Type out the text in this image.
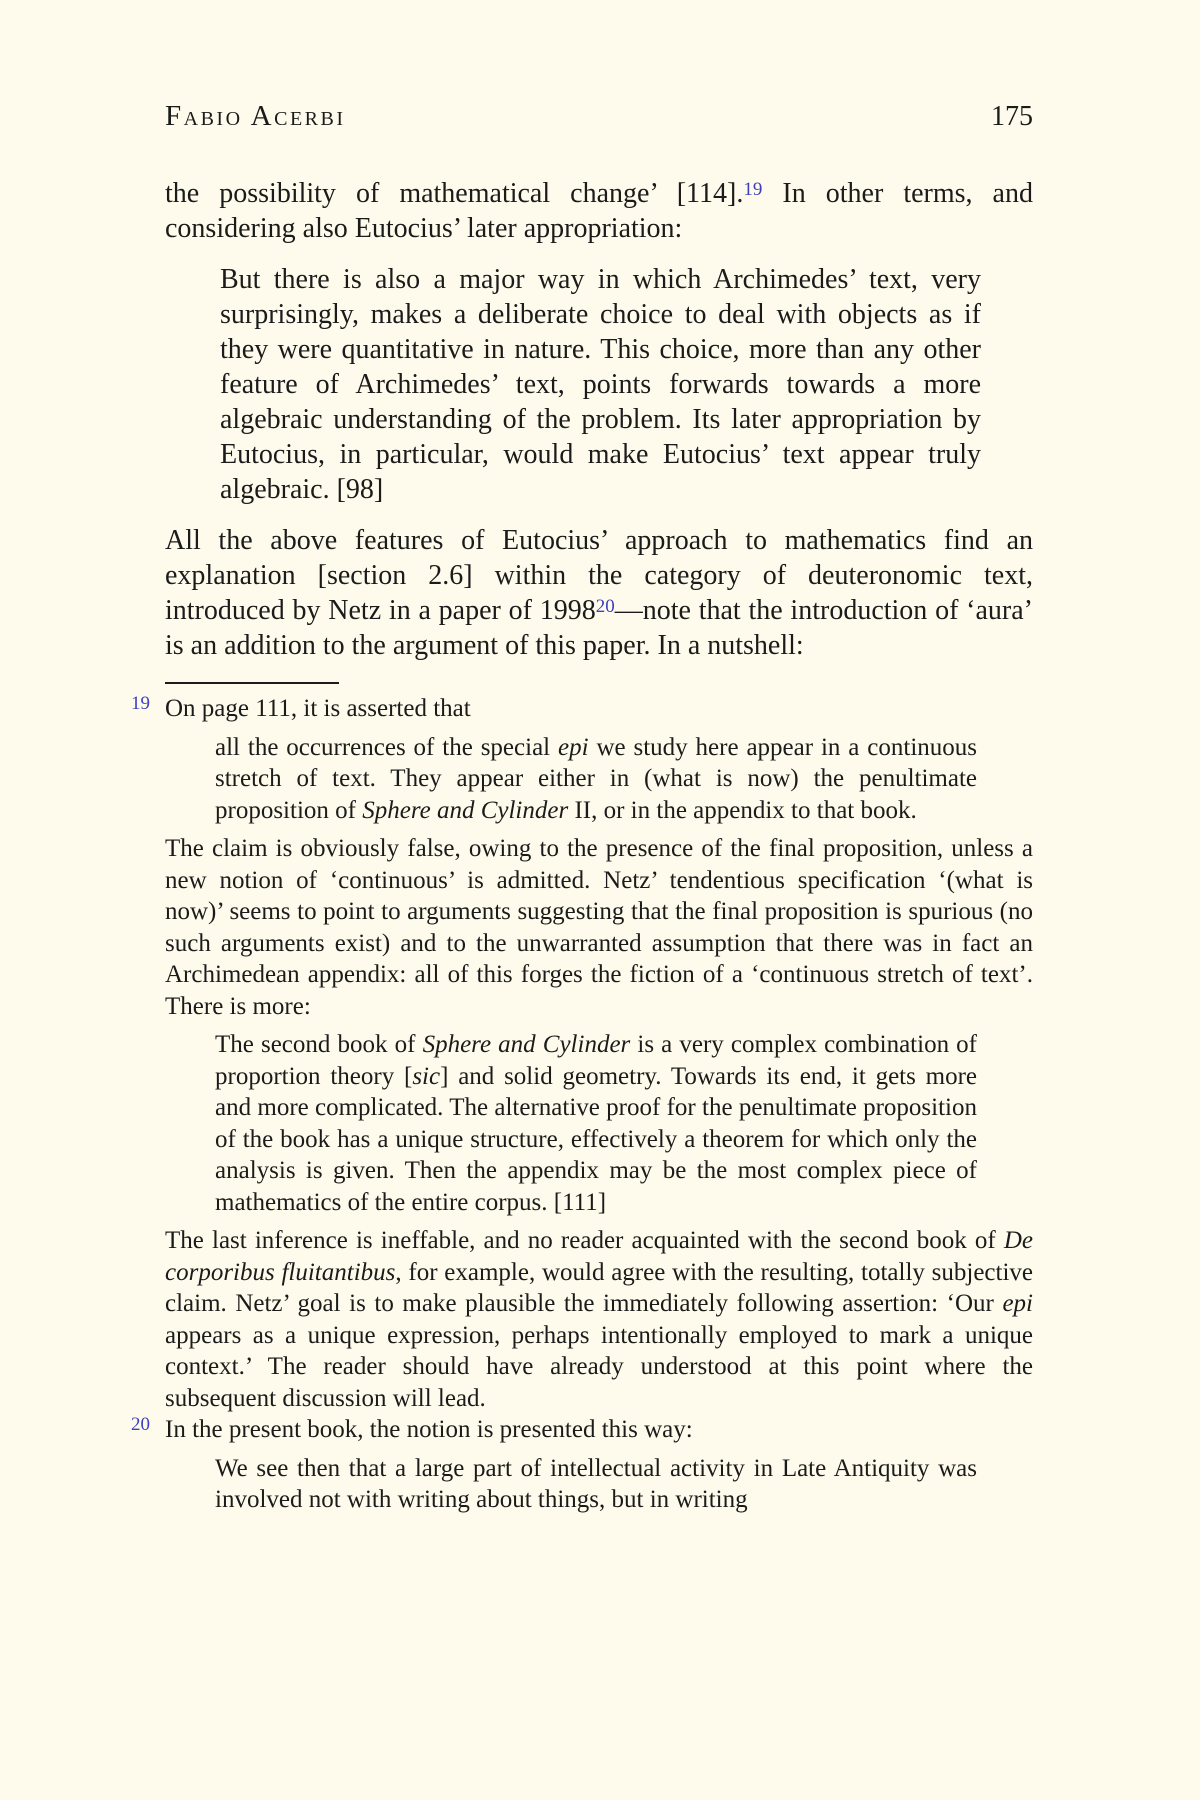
Fabio Acerbi	175
the possibility of mathematical change’ [114].$^{19}$ In other terms, and considering also Eutocius’ later appropriation:
But there is also a major way in which Archimedes’ text, very surprisingly, makes a deliberate choice to deal with objects as if they were quantitative in nature. This choice, more than any other feature of Archimedes’ text, points forwards towards a more algebraic understanding of the problem. Its later appropriation by Eutocius, in particular, would make Eutocius’ text appear truly algebraic. [98]
All the above features of Eutocius’ approach to mathematics find an explanation [section 2.6] within the category of deuteronomic text, introduced by Netz in a paper of 1998$^{20}$—note that the introduction of ‘aura’ is an addition to the argument of this paper. In a nutshell:
19 On page 111, it is asserted that
all the occurrences of the special epi we study here appear in a continuous stretch of text. They appear either in (what is now) the penultimate proposition of Sphere and Cylinder II, or in the appendix to that book.
The claim is obviously false, owing to the presence of the final proposition, unless a new notion of ‘continuous’ is admitted. Netz’ tendentious specification ‘(what is now)’ seems to point to arguments suggesting that the final proposition is spurious (no such arguments exist) and to the unwarranted assumption that there was in fact an Archimedean appendix: all of this forges the fiction of a ‘continuous stretch of text’. There is more:
The second book of Sphere and Cylinder is a very complex combination of proportion theory [sic] and solid geometry. Towards its end, it gets more and more complicated. The alternative proof for the penultimate proposition of the book has a unique structure, effectively a theorem for which only the analysis is given. Then the appendix may be the most complex piece of mathematics of the entire corpus. [111]
The last inference is ineffable, and no reader acquainted with the second book of De corporibus fluitantibus, for example, would agree with the resulting, totally subjective claim. Netz’ goal is to make plausible the immediately following assertion: ‘Our epi appears as a unique expression, perhaps intentionally employed to mark a unique context.’ The reader should have already understood at this point where the subsequent discussion will lead.
20 In the present book, the notion is presented this way:
We see then that a large part of intellectual activity in Late Antiquity was involved not with writing about things, but in writing
